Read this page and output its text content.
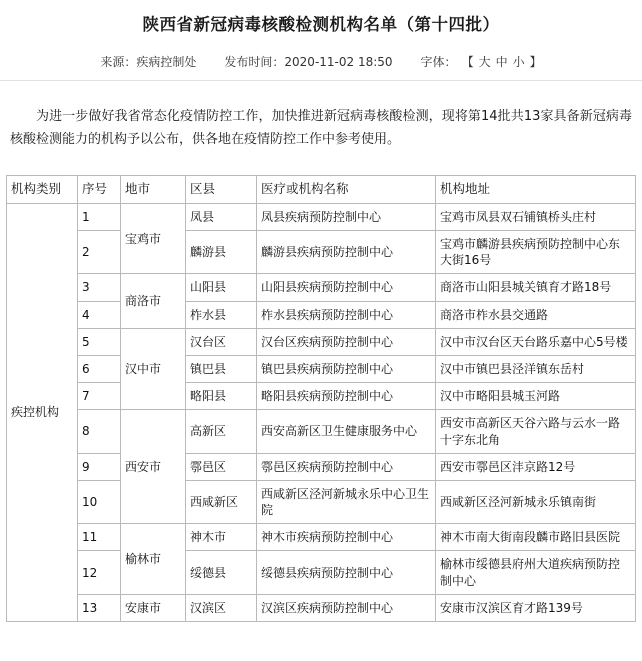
陕西省新冠病毒核酸检测机构名单（第十四批）
来源：疾病控制处 发布时间：2020-11-02 18:50 字体： 【 大 中 小 】

为进一步做好我省常态化疫情防控工作，加快推进新冠病毒核酸检测，现将第14批共13家具备新冠病毒核酸检测能力的机构予以公布，供各地在疫情防控工作中参考使用。

机构类别	序号	地市	区县	医疗或机构名称	机构地址
疾控机构	1	宝鸡市	凤县	凤县疾病预防控制中心	宝鸡市凤县双石铺镇桥头庄村
	2		麟游县	麟游县疾病预防控制中心	宝鸡市麟游县疾病预防控制中心东大街16号
	3	商洛市	山阳县	山阳县疾病预防控制中心	商洛市山阳县城关镇育才路18号
	4		柞水县	柞水县疾病预防控制中心	商洛市柞水县交通路
	5	汉中市	汉台区	汉台区疾病预防控制中心	汉中市汉台区天台路乐嘉中心5号楼
	6		镇巴县	镇巴县疾病预防控制中心	汉中市镇巴县泾洋镇东岳村
	7		略阳县	略阳县疾病预防控制中心	汉中市略阳县城玉河路
	8	西安市	高新区	西安高新区卫生健康服务中心	西安市高新区天谷六路与云水一路十字东北角
	9		鄠邑区	鄠邑区疾病预防控制中心	西安市鄠邑区沣京路12号
	10		西咸新区	西咸新区泾河新城永乐中心卫生院	西咸新区泾河新城永乐镇南街
	11	榆林市	神木市	神木市疾病预防控制中心	神木市南大街南段麟市路旧县医院
	12		绥德县	绥德县疾病预防控制中心	榆林市绥德县府州大道疾病预防控制中心
	13	安康市	汉滨区	汉滨区疾病预防控制中心	安康市汉滨区育才路139号
